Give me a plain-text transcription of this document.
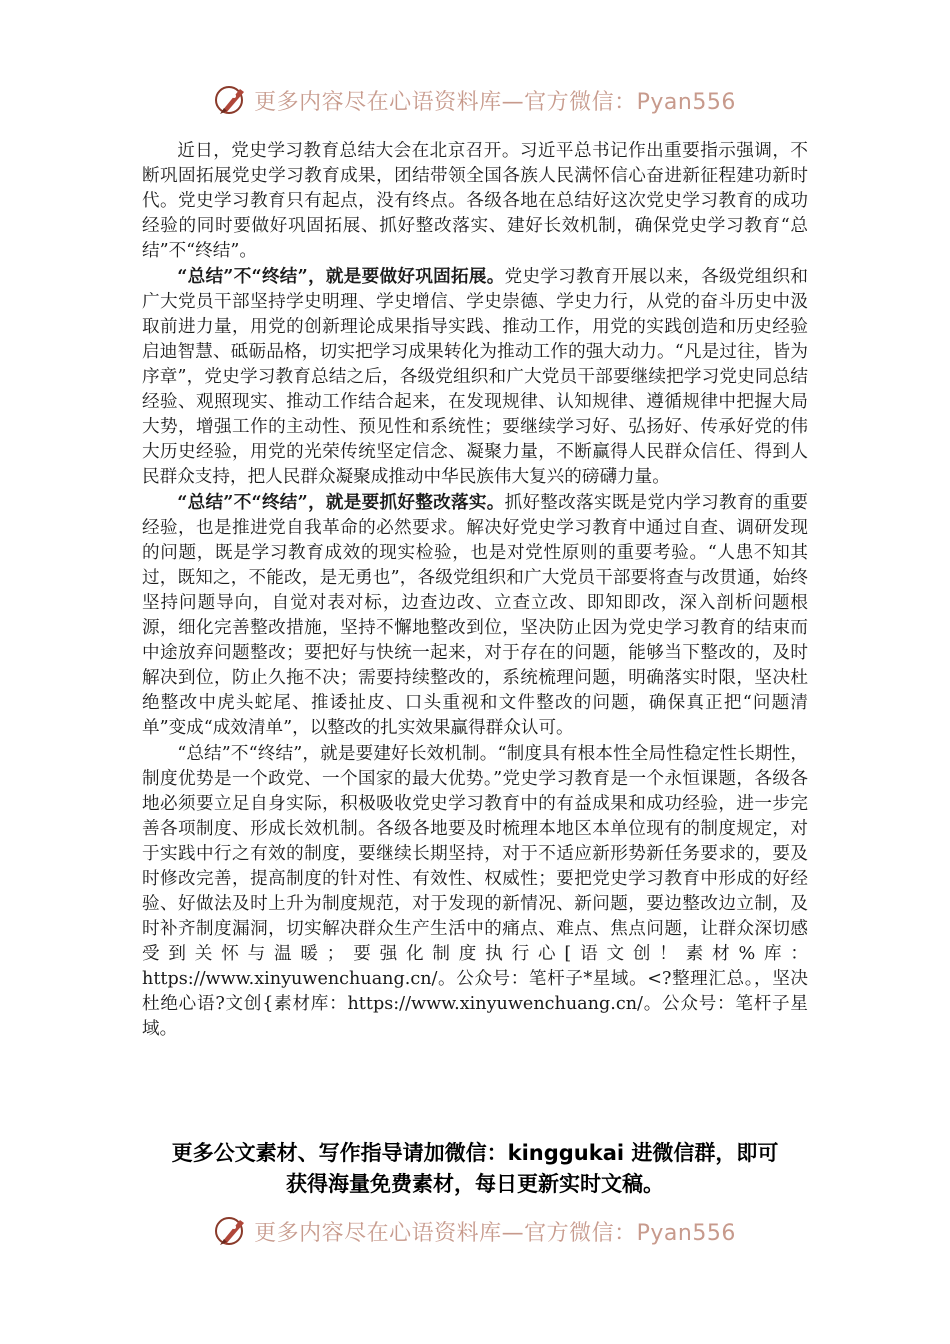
更多内容尽在心语资料库—官方微信：Pyan556

近日，党史学习教育总结大会在北京召开。习近平总书记作出重要指示强调，不断巩固拓展党史学习教育成果，团结带领全国各族人民满怀信心奋进新征程建功新时代。党史学习教育只有起点，没有终点。各级各地在总结好这次党史学习教育的成功经验的同时要做好巩固拓展、抓好整改落实、建好长效机制，确保党史学习教育“总结”不“终结”。

“总结”不“终结”，就是要做好巩固拓展。党史学习教育开展以来，各级党组织和广大党员干部坚持学史明理、学史增信、学史崇德、学史力行，从党的奋斗历史中汲取前进力量，用党的创新理论成果指导实践、推动工作，用党的实践创造和历史经验启迪智慧、砥砺品格，切实把学习成果转化为推动工作的强大动力。“凡是过往，皆为序章”，党史学习教育总结之后，各级党组织和广大党员干部要继续把学习党史同总结经验、观照现实、推动工作结合起来，在发现规律、认知规律、遵循规律中把握大局大势，增强工作的主动性、预见性和系统性；要继续学习好、弘扬好、传承好党的伟大历史经验，用党的光荣传统坚定信念、凝聚力量，不断赢得人民群众信任、得到人民群众支持，把人民群众凝聚成推动中华民族伟大复兴的磅礴力量。

“总结”不“终结”，就是要抓好整改落实。抓好整改落实既是党内学习教育的重要经验，也是推进党自我革命的必然要求。解决好党史学习教育中通过自查、调研发现的问题，既是学习教育成效的现实检验，也是对党性原则的重要考验。“人患不知其过，既知之，不能改，是无勇也”，各级党组织和广大党员干部要将查与改贯通，始终坚持问题导向，自觉对表对标，边查边改、立查立改、即知即改，深入剖析问题根源，细化完善整改措施，坚持不懈地整改到位，坚决防止因为党史学习教育的结束而中途放弃问题整改；要把好与快统一起来，对于存在的问题，能够当下整改的，及时解决到位，防止久拖不决；需要持续整改的，系统梳理问题，明确落实时限，坚决杜绝整改中虎头蛇尾、推诿扯皮、口头重视和文件整改的问题，确保真正把“问题清单”变成“成效清单”，以整改的扎实效果赢得群众认可。

“总结”不“终结”，就是要建好长效机制。“制度具有根本性全局性稳定性长期性，制度优势是一个政党、一个国家的最大优势。”党史学习教育是一个永恒课题，各级各地必须要立足自身实际，积极吸收党史学习教育中的有益成果和成功经验，进一步完善各项制度、形成长效机制。各级各地要及时梳理本地区本单位现有的制度规定，对于实践中行之有效的制度，要继续长期坚持，对于不适应新形势新任务要求的，要及时修改完善，提高制度的针对性、有效性、权威性；要把党史学习教育中形成的好经验、好做法及时上升为制度规范，对于发现的新情况、新问题，要边整改边立制，及时补齐制度漏洞，切实解决群众生产生活中的痛点、难点、焦点问题，让群众深切感受到关怀与温暖；要强化制度执行心[语文创！素材%库：https://www.xinyuwenchuang.cn/。公众号：笔杆子*星域。<?整理汇总。，坚决杜绝心语?文创{素材库：https://www.xinyuwenchuang.cn/。公众号：笔杆子星域。

更多公文素材、写作指导请加微信：kinggukai 进微信群，即可
获得海量免费素材，每日更新实时文稿。
更多内容尽在心语资料库—官方微信：Pyan556
